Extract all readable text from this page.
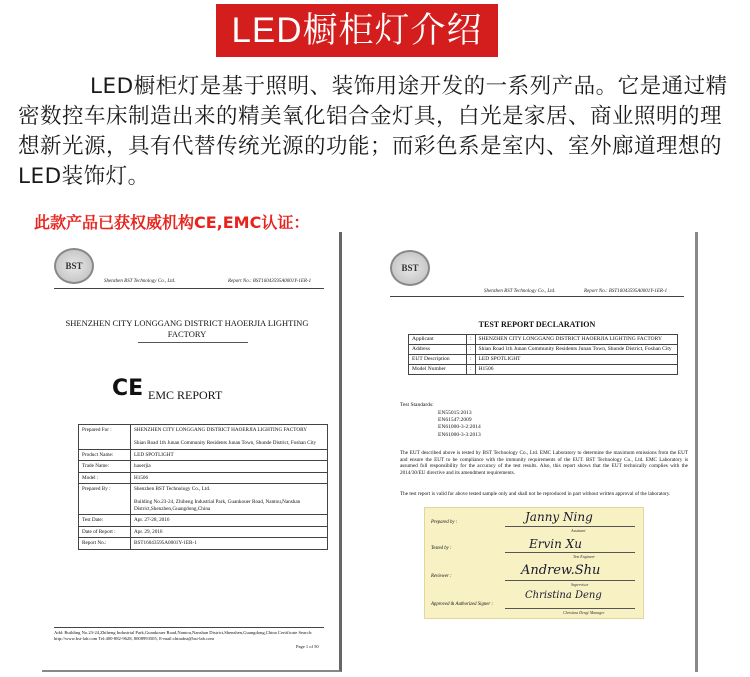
LED橱柜灯介绍
LED橱柜灯是基于照明、装饰用途开发的一系列产品。它是通过精密数控车床制造出来的精美氧化铝合金灯具，白光是家居、商业照明的理想新光源，具有代替传统光源的功能；而彩色系是室内、室外廊道理想的LED装饰灯。
此款产品已获权威机构CE,EMC认证：
BST
Shenzhen BST Technology Co., Ltd.	Report No.: BST16043595A0001Y-1ER-1
SHENZHEN CITY LONGGANG DISTRICT HAOERJIA LIGHTING FACTORY
CE EMC REPORT
Prepared For :	SHENZHEN CITY LONGGANG DISTRICT HAOERJIA LIGHTING FACTORY

Shian Road 1th Junan Community Residents Junan Town, Shunde District, Foshan City
Product Name:	LED SPOTLIGHT
Trade Name:	haoerjia
Model :	H1506
Prepared By :	Shenzhen BST Technology Co., Ltd.

Building No.23-24, Zhiheng Industrial Park, Guankouer Road, Nantou,Nanshan District,Shenzhen,Guangdong,China
Test Date:	Apr. 27-28, 2016
Date of Report :	Apr. 29, 2016
Report No.:	BST16043595A0001Y-1ER-1
Add: Building No.23-24,Zhiheng Industrial Park,Guankouer Road,Nantou,Nanshan District,Shenzhen,Guangdong,China Certificate Search: http://www.bst-lab.com Tel:400-882-9628, 8008993505, E-mail:chinabst@bst-lab.com
Page 1 of 50
BST
Shenzhen BST Technology Co., Ltd.	Report No.: BST16043595A0001Y-1ER-1
TEST REPORT DECLARATION
Applicant	:	SHENZHEN CITY LONGGANG DISTRICT HAOERJIA LIGHTING FACTORY
Address	:	Shian Road 1th Junan Community Residents Junan Town, Shunde District, Foshan City
EUT Description	:	LED SPOTLIGHT
Model Number	:	H1506
Test Standards:
EN55015:2013
EN61547:2009
EN61000-3-2:2014
EN61000-3-3:2013
The EUT described above is tested by BST Technology Co., Ltd. EMC Laboratory to determine the maximum emissions from the EUT and ensure the EUT to be compliance with the immunity requirements of the EUT. BST Technology Co., Ltd. EMC Laboratory is assumed full responsibility for the accuracy of the test results. Also, this report shows that the EUT technically complies with the 2014/30/EU directive and its amendment requirements.
The test report is valid for above tested sample only and shall not be reproduced in part without written approval of the laboratory.
Prepared by :	Janny Ning
Assistant
Tested by :	Ervin Xu
Test Engineer
Reviewer :	Andrew.Shu
Supervisor
Approved & Authorized Signer :
Christina Deng
Christina Deng/ Manager
